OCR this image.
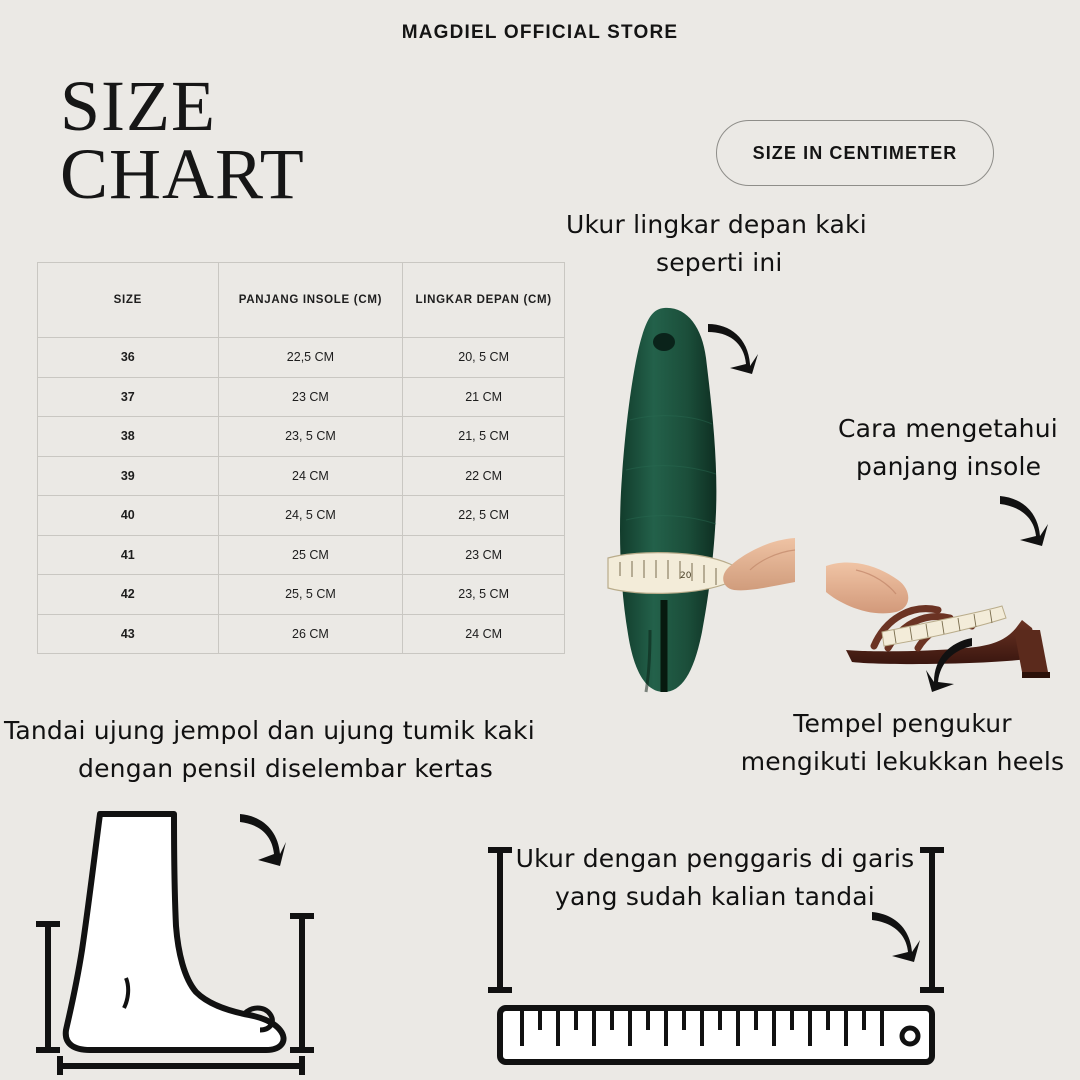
MAGDIEL OFFICIAL STORE
SIZE
CHART	SIZE IN CENTIMETER
SIZE	PANJANG INSOLE (CM)	LINGKAR DEPAN (CM)
36	22,5 CM	20, 5 CM
37	23 CM	21 CM
38	23, 5 CM	21, 5 CM
39	24 CM	22 CM
40	24, 5 CM	22, 5 CM
41	25 CM	23 CM
42	25, 5 CM	23, 5 CM
43	26 CM	24 CM
Ukur lingkar depan kaki
seperti ini
20
Cara mengetahui
panjang insole
Tempel pengukur
mengikuti lekukkan heels
Tandai ujung jempol dan ujung tumik kaki
dengan pensil diselembar kertas
Ukur dengan penggaris di garis
yang sudah kalian tandai
